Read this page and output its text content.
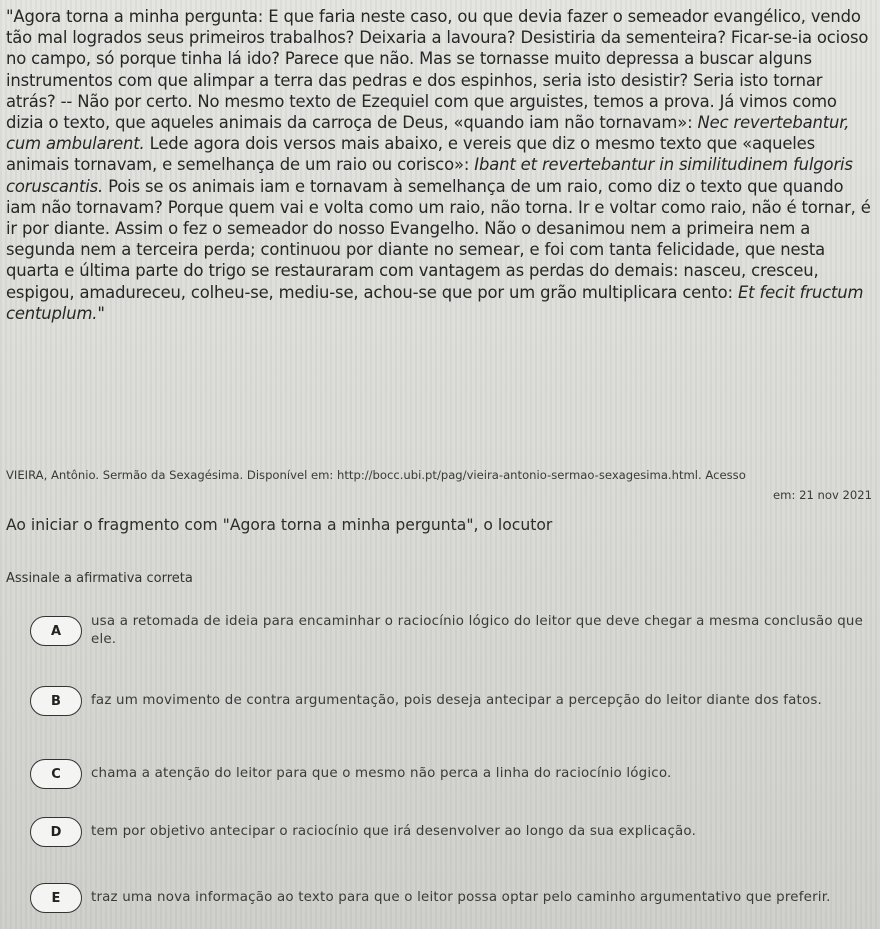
"Agora torna a minha pergunta: E que faria neste caso, ou que devia fazer o semeador evangélico, vendo tão mal logrados seus primeiros trabalhos? Deixaria a lavoura? Desistiria da sementeira? Ficar-se-ia ocioso no campo, só porque tinha lá ido? Parece que não. Mas se tornasse muito depressa a buscar alguns instrumentos com que alimpar a terra das pedras e dos espinhos, seria isto desistir? Seria isto tornar atrás? -- Não por certo. No mesmo texto de Ezequiel com que arguistes, temos a prova. Já vimos como dizia o texto, que aqueles animais da carroça de Deus, «quando iam não tornavam»: Nec revertebantur, cum ambularent. Lede agora dois versos mais abaixo, e vereis que diz o mesmo texto que «aqueles animais tornavam, e semelhança de um raio ou corisco»: Ibant et revertebantur in similitudinem fulgoris coruscantis. Pois se os animais iam e tornavam à semelhança de um raio, como diz o texto que quando iam não tornavam? Porque quem vai e volta como um raio, não torna. Ir e voltar como raio, não é tornar, é ir por diante. Assim o fez o semeador do nosso Evangelho. Não o desanimou nem a primeira nem a segunda nem a terceira perda; continuou por diante no semear, e foi com tanta felicidade, que nesta quarta e última parte do trigo se restauraram com vantagem as perdas do demais: nasceu, cresceu, espigou, amadureceu, colheu-se, mediu-se, achou-se que por um grão multiplicara cento: Et fecit fructum centuplum."

VIEIRA, Antônio. Sermão da Sexagésima. Disponível em: http://bocc.ubi.pt/pag/vieira-antonio-sermao-sexagesima.html. Acesso
em: 21 nov 2021
Ao iniciar o fragmento com "Agora torna a minha pergunta", o locutor
Assinale a afirmativa correta
A
usa a retomada de ideia para encaminhar o raciocínio lógico do leitor que deve chegar a mesma conclusão que ele.
B	faz um movimento de contra argumentação, pois deseja antecipar a percepção do leitor diante dos fatos.
C	chama a atenção do leitor para que o mesmo não perca a linha do raciocínio lógico.
D	tem por objetivo antecipar o raciocínio que irá desenvolver ao longo da sua explicação.
E	traz uma nova informação ao texto para que o leitor possa optar pelo caminho argumentativo que preferir.
